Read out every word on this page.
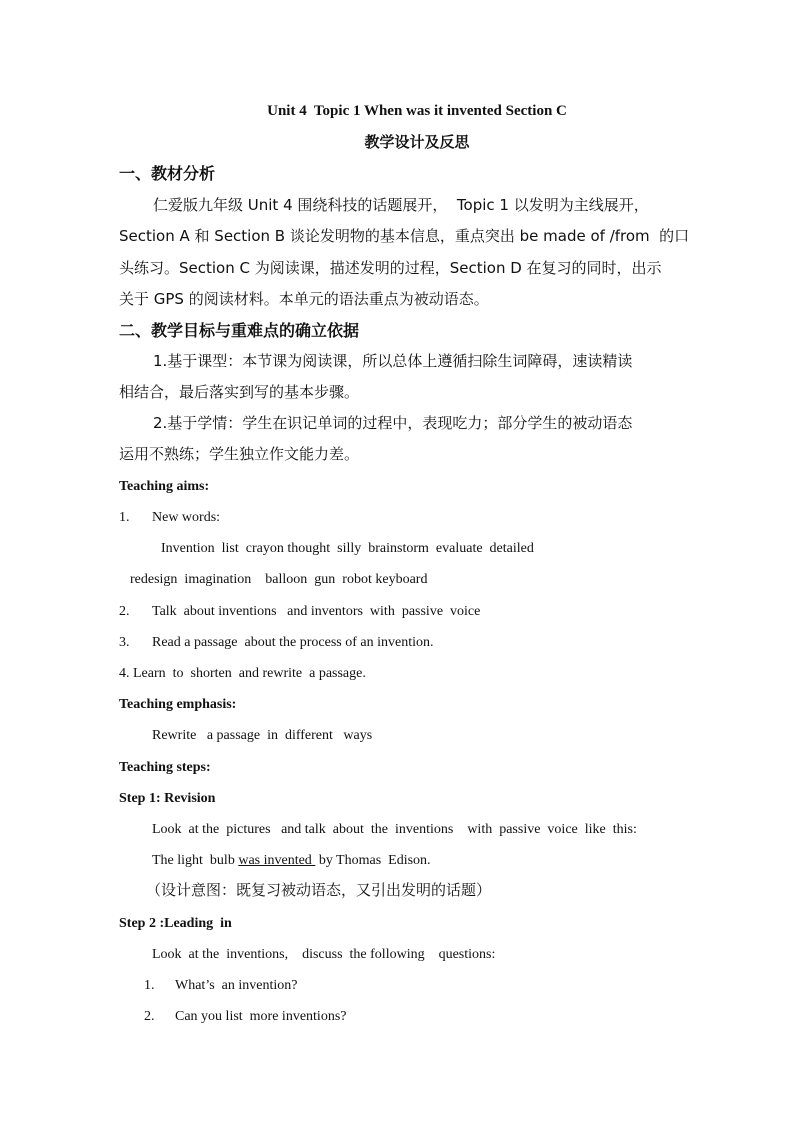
Unit 4  Topic 1 When was it invented Section C
教学设计及反思
一、教材分析
仁爱版九年级 Unit 4 围绕科技的话题展开，  Topic 1 以发明为主线展开，
Section A 和 Section B 谈论发明物的基本信息，重点突出 be made of /from  的口
头练习。Section C 为阅读课，描述发明的过程，Section D 在复习的同时，出示
关于 GPS 的阅读材料。本单元的语法重点为被动语态。
二、教学目标与重难点的确立依据
1.基于课型：本节课为阅读课，所以总体上遵循扫除生词障碍，速读精读
相结合，最后落实到写的基本步骤。
2.基于学情：学生在识记单词的过程中，表现吃力；部分学生的被动语态
运用不熟练；学生独立作文能力差。
Teaching aims:
1. New words:
Invention  list  crayon thought  silly  brainstorm  evaluate  detailed
redesign  imagination    balloon  gun  robot keyboard
2. Talk  about inventions   and inventors  with  passive  voice
3. Read a passage  about the process of an invention.
4. Learn  to  shorten  and rewrite  a passage.
Teaching emphasis:
Rewrite   a passage  in  different   ways
Teaching steps:
Step 1: Revision
Look  at the  pictures   and talk  about  the  inventions    with  passive  voice  like  this:
The light  bulb was invented  by Thomas  Edison.
（设计意图：既复习被动语态，又引出发明的话题）
Step 2 :Leading  in
Look  at the  inventions,    discuss  the following    questions:
1. What’s  an invention?
2. Can you list  more inventions?
